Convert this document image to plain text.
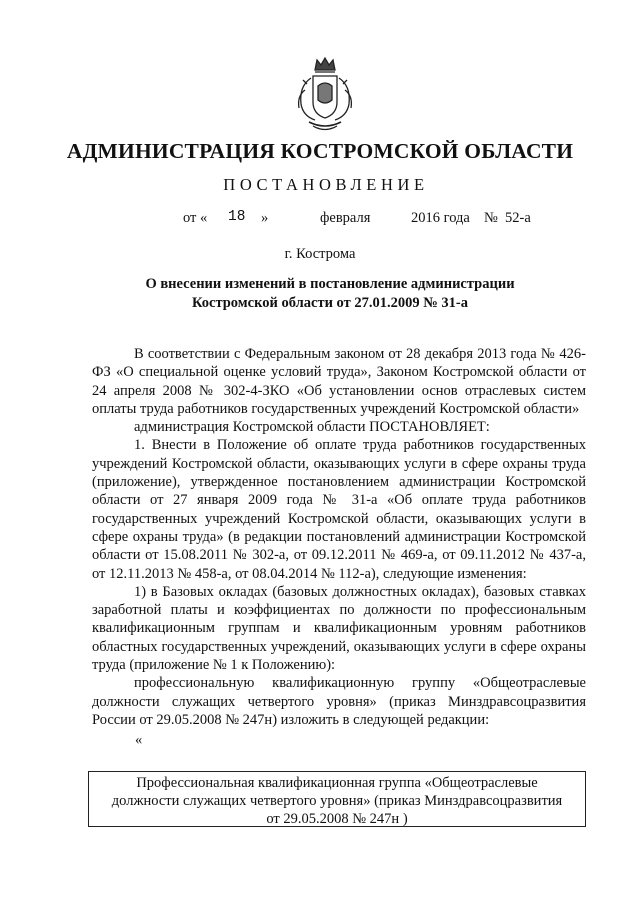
АДМИНИСТРАЦИЯ КОСТРОМСКОЙ ОБЛАСТИ
ПОСТАНОВЛЕНИЕ
от « 18 »	февраля	2016 года № 52-а
г. Кострома
О внесении изменений в постановление администрации
Костромской области от 27.01.2009 № 31-а

В соответствии с Федеральным законом от 28 декабря 2013 года № 426-ФЗ «О специальной оценке условий труда», Законом Костромской области от 24 апреля 2008 № 302-4-ЗКО «Об установлении основ отраслевых систем оплаты труда работников государственных учреждений Костромской области»

администрация Костромской области ПОСТАНОВЛЯЕТ:

1. Внести в Положение об оплате труда работников государственных учреждений Костромской области, оказывающих услуги в сфере охраны труда (приложение), утвержденное постановлением администрации Костромской области от 27 января 2009 года № 31-а «Об оплате труда работников государственных учреждений Костромской области, оказывающих услуги в сфере охраны труда» (в редакции постановлений администрации Костромской области от 15.08.2011 № 302-а, от 09.12.2011 № 469-а, от 09.11.2012 № 437-а, от 12.11.2013 № 458-а, от 08.04.2014 № 112-а), следующие изменения:

1) в Базовых окладах (базовых должностных окладах), базовых ставках заработной платы и коэффициентах по должности по профессиональным квалификационным группам и квалификационным уровням работников областных государственных учреждений, оказывающих услуги в сфере охраны труда (приложение № 1 к Положению):

профессиональную квалификационную группу «Общеотраслевые должности служащих четвертого уровня» (приказ Минздравсоцразвития России от 29.05.2008 № 247н) изложить в следующей редакции:

«

Профессиональная квалификационная группа «Общеотраслевые
должности служащих четвертого уровня» (приказ Минздравсоцразвития
от 29.05.2008 № 247н )
